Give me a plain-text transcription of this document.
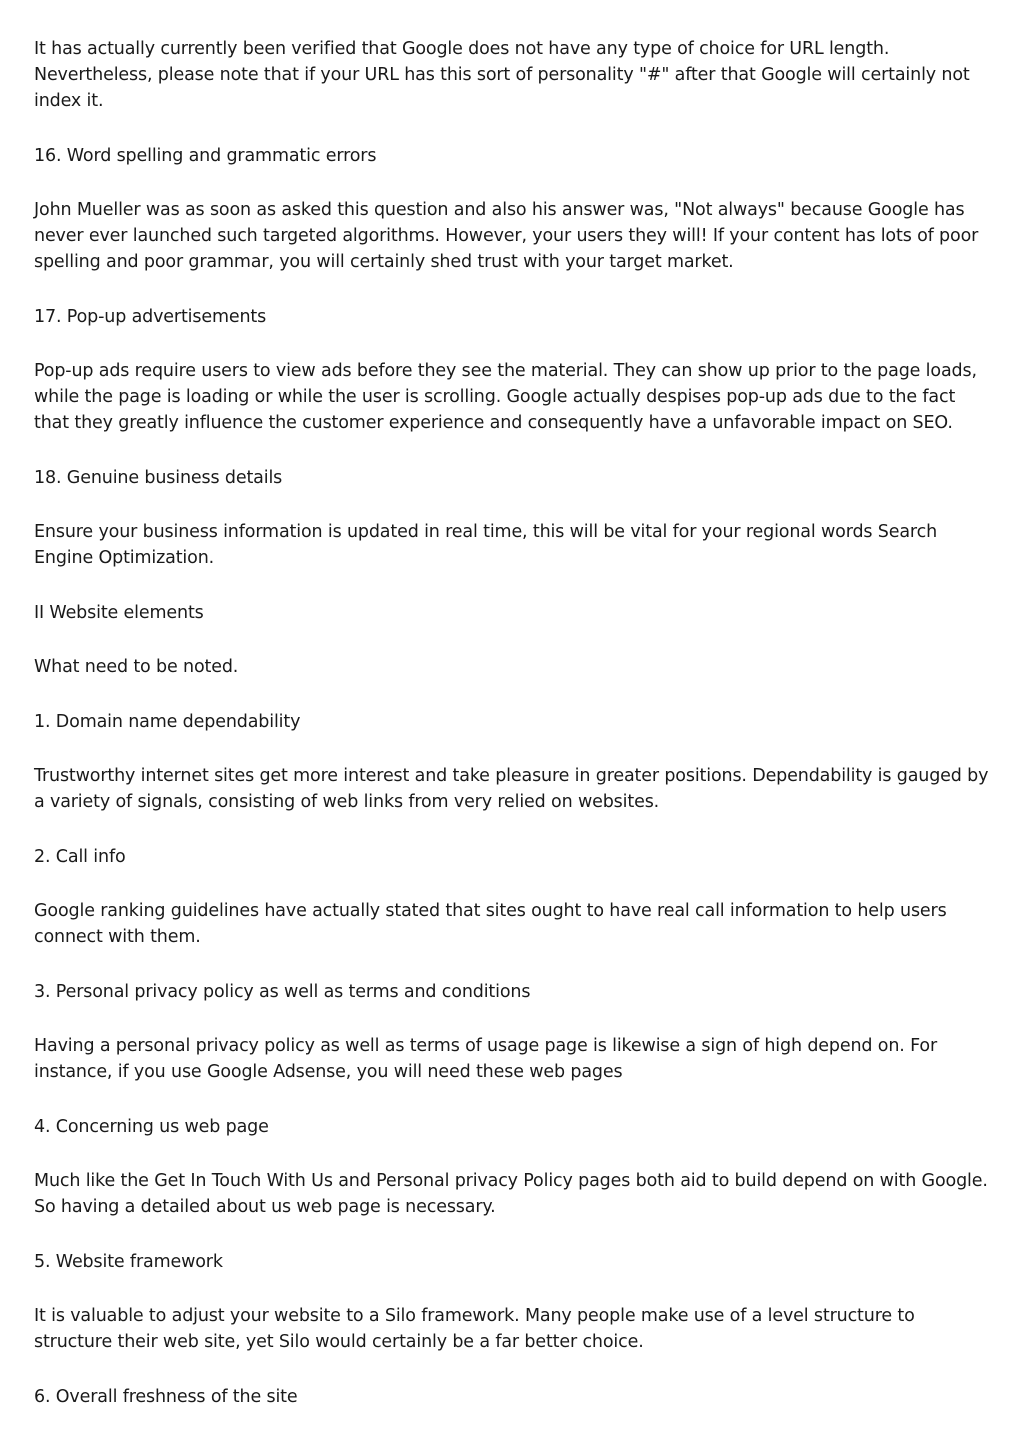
It has actually currently been verified that Google does not have any type of choice for URL length. Nevertheless, please note that if your URL has this sort of personality "#" after that Google will certainly not index it.

16. Word spelling and grammatic errors

John Mueller was as soon as asked this question and also his answer was, "Not always" because Google has never ever launched such targeted algorithms. However, your users they will! If your content has lots of poor spelling and poor grammar, you will certainly shed trust with your target market.

17. Pop-up advertisements

Pop-up ads require users to view ads before they see the material. They can show up prior to the page loads, while the page is loading or while the user is scrolling. Google actually despises pop-up ads due to the fact that they greatly influence the customer experience and consequently have a unfavorable impact on SEO.

18. Genuine business details

Ensure your business information is updated in real time, this will be vital for your regional words Search Engine Optimization.

II Website elements

What need to be noted.

1. Domain name dependability

Trustworthy internet sites get more interest and take pleasure in greater positions. Dependability is gauged by a variety of signals, consisting of web links from very relied on websites.

2. Call info

Google ranking guidelines have actually stated that sites ought to have real call information to help users connect with them.

3. Personal privacy policy as well as terms and conditions

Having a personal privacy policy as well as terms of usage page is likewise a sign of high depend on. For instance, if you use Google Adsense, you will need these web pages

4. Concerning us web page

Much like the Get In Touch With Us and Personal privacy Policy pages both aid to build depend on with Google. So having a detailed about us web page is necessary.

5. Website framework

It is valuable to adjust your website to a Silo framework. Many people make use of a level structure to structure their web site, yet Silo would certainly be a far better choice.

6. Overall freshness of the site
